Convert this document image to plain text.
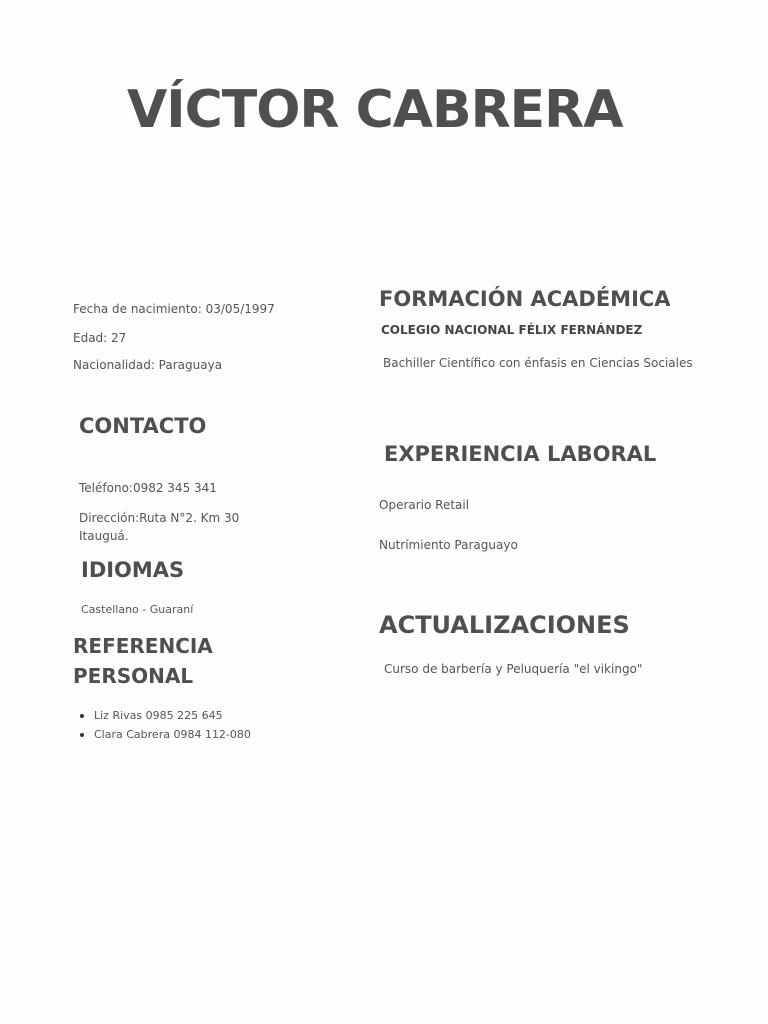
VÍCTOR CABRERA
Fecha de nacimiento: 03/05/1997
Edad: 27
Nacionalidad: Paraguaya
CONTACTO
Teléfono:0982 345 341
Dirección:Ruta N°2. Km 30
Itauguá.
IDIOMAS
Castellano - Guaraní
REFERENCIA
PERSONAL
Liz Rivas 0985 225 645
Clara Cabrera 0984 112-080
FORMACIÓN ACADÉMICA
COLEGIO NACIONAL FÉLIX FERNÁNDEZ
Bachiller Científico con énfasis en Ciencias Sociales
EXPERIENCIA LABORAL
Operario Retail
Nutrímiento Paraguayo
ACTUALIZACIONES
Curso de barbería y Peluquería "el vikingo"
